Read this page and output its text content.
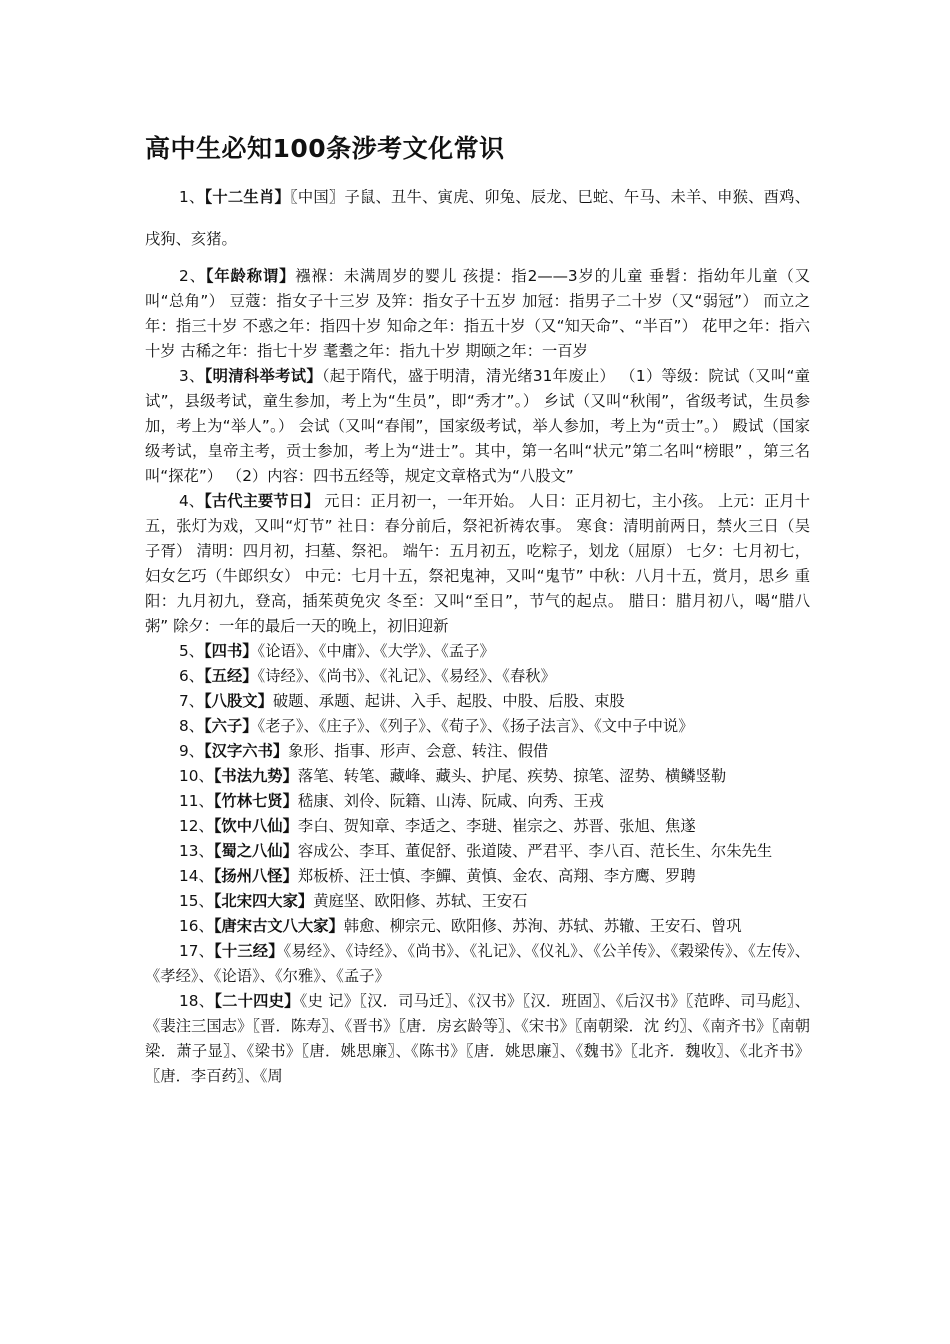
高中生必知100条涉考文化常识

1、【十二生肖】〖中国〗子鼠、丑牛、寅虎、卯兔、辰龙、巳蛇、午马、未羊、申猴、酉鸡、戌狗、亥猪。

2、【年龄称谓】襁褓：未满周岁的婴儿 孩提：指2——3岁的儿童 垂髫：指幼年儿童（又叫“总角”） 豆蔻：指女子十三岁 及笄：指女子十五岁 加冠：指男子二十岁（又“弱冠”） 而立之年：指三十岁 不惑之年：指四十岁 知命之年：指五十岁（又“知天命”、“半百”） 花甲之年：指六十岁 古稀之年：指七十岁 耄耋之年：指九十岁 期颐之年：一百岁

3、【明清科举考试】（起于隋代，盛于明清，清光绪31年废止） （1）等级：院试（又叫“童试”，县级考试，童生参加，考上为“生员”，即“秀才”。） 乡试（又叫“秋闱”，省级考试，生员参加，考上为“举人”。） 会试（又叫“春闱”，国家级考试，举人参加，考上为“贡士”。） 殿试（国家级考试，皇帝主考，贡士参加，考上为“进士”。其中，第一名叫“状元”第二名叫“榜眼” ，第三名叫“探花”） （2）内容：四书五经等，规定文章格式为“八股文”

4、【古代主要节日】 元日：正月初一，一年开始。 人日：正月初七，主小孩。 上元：正月十五，张灯为戏，又叫“灯节” 社日：春分前后，祭祀祈祷农事。 寒食：清明前两日，禁火三日（吴子胥） 清明：四月初，扫墓、祭祀。 端午：五月初五，吃粽子，划龙（屈原） 七夕：七月初七，妇女乞巧（牛郎织女） 中元：七月十五，祭祀鬼神，又叫“鬼节” 中秋：八月十五，赏月，思乡 重阳：九月初九，登高，插茱萸免灾 冬至：又叫“至日”，节气的起点。 腊日：腊月初八，喝“腊八粥” 除夕：一年的最后一天的晚上，初旧迎新

5、【四书】《论语》、《中庸》、《大学》、《孟子》

6、【五经】《诗经》、《尚书》、《礼记》、《易经》、《春秋》

7、【八股文】破题、承题、起讲、入手、起股、中股、后股、束股

8、【六子】《老子》、《庄子》、《列子》、《荀子》、《扬子法言》、《文中子中说》

9、【汉字六书】象形、指事、形声、会意、转注、假借

10、【书法九势】落笔、转笔、藏峰、藏头、护尾、疾势、掠笔、涩势、横鳞竖勒

11、【竹林七贤】嵇康、刘伶、阮籍、山涛、阮咸、向秀、王戎

12、【饮中八仙】李白、贺知章、李适之、李琎、崔宗之、苏晋、张旭、焦遂

13、【蜀之八仙】容成公、李耳、董促舒、张道陵、严君平、李八百、范长生、尔朱先生

14、【扬州八怪】郑板桥、汪士慎、李鱓、黄慎、金农、高翔、李方鹰、罗聘

15、【北宋四大家】黄庭坚、欧阳修、苏轼、王安石

16、【唐宋古文八大家】韩愈、柳宗元、欧阳修、苏洵、苏轼、苏辙、王安石、曾巩

17、【十三经】《易经》、《诗经》、《尚书》、《礼记》、《仪礼》、《公羊传》、《榖梁传》、《左传》、《孝经》、《论语》、《尔雅》、《孟子》

18、【二十四史】《史 记》〖汉．司马迁〗、《汉书》〖汉．班固〗、《后汉书》〖范晔、司马彪〗、《裴注三国志》〖晋．陈寿〗、《晋书》〖唐．房玄龄等〗、《宋书》〖南朝梁．沈 约〗、《南齐书》〖南朝梁．萧子显〗、《梁书》〖唐．姚思廉〗、《陈书》〖唐．姚思廉〗、《魏书》〖北齐．魏收〗、《北齐书》〖唐．李百药〗、《周
